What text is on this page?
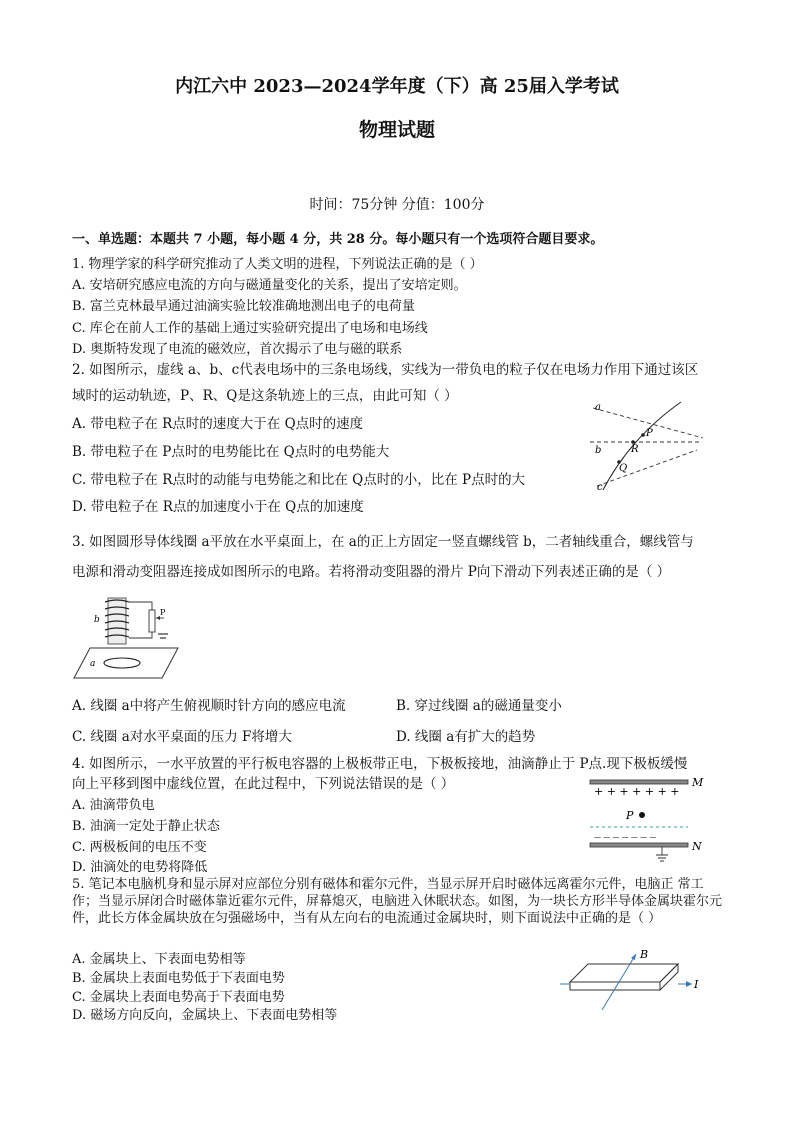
内江六中 2023—2024学年度（下）高 25届入学考试
物理试题
时间：75分钟 分值：100分
一、单选题：本题共 7 小题，每小题 4 分，共 28 分。每小题只有一个选项符合题目要求。
1. 物理学家的科学研究推动了人类文明的进程，下列说法正确的是（ ）
A. 安培研究感应电流的方向与磁通量变化的关系，提出了安培定则。
B. 富兰克林最早通过油滴实验比较准确地测出电子的电荷量
C. 库仑在前人工作的基础上通过实验研究提出了电场和电场线
D. 奥斯特发现了电流的磁效应，首次揭示了电与磁的联系
2. 如图所示，虚线 a、b、c代表电场中的三条电场线，实线为一带负电的粒子仅在电场力作用下通过该区
域时的运动轨迹，P、R、Q是这条轨迹上的三点，由此可知（ ）
A. 带电粒子在 R点时的速度大于在 Q点时的速度
B. 带电粒子在 P点时的电势能比在 Q点时的电势能大
C. 带电粒子在 R点时的动能与电势能之和比在 Q点时的小，比在 P点时的大
D. 带电粒子在 R点的加速度小于在 Q点的加速度
a
b
c
P
R
Q
3. 如图圆形导体线圈 a平放在水平桌面上，在 a的正上方固定一竖直螺线管 b，二者轴线重合，螺线管与
电源和滑动变阻器连接成如图所示的电路。若将滑动变阻器的滑片 P向下滑动下列表述正确的是（ ）
b
P
a
A. 线圈 a中将产生俯视顺时针方向的感应电流	B. 穿过线圈 a的磁通量变小
C. 线圈 a对水平桌面的压力 F将增大	D. 线圈 a有扩大的趋势
4. 如图所示，一水平放置的平行板电容器的上极板带正电，下极板接地，油滴静止于 P点.现下极板缓慢
向上平移到图中虚线位置，在此过程中，下列说法错误的是（ ）
A. 油滴带负电
B. 油滴一定处于静止状态
C. 两极板间的电压不变
D. 油滴处的电势将降低
+ + + + + + +
M
P
— — — — — — —
N
5. 笔记本电脑机身和显示屏对应部位分别有磁体和霍尔元件，当显示屏开启时磁体远离霍尔元件，电脑正 常工作；当显示屏闭合时磁体靠近霍尔元件，屏幕熄灭，电脑进入休眠状态。如图，为一块长方形半导体金属块霍尔元件，此长方体金属块放在匀强磁场中，当有从左向右的电流通过金属块时，则下面说法中正确的是（ ）
A. 金属块上、下表面电势相等
B. 金属块上表面电势低于下表面电势
C. 金属块上表面电势高于下表面电势
D. 磁场方向反向，金属块上、下表面电势相等
I
B
